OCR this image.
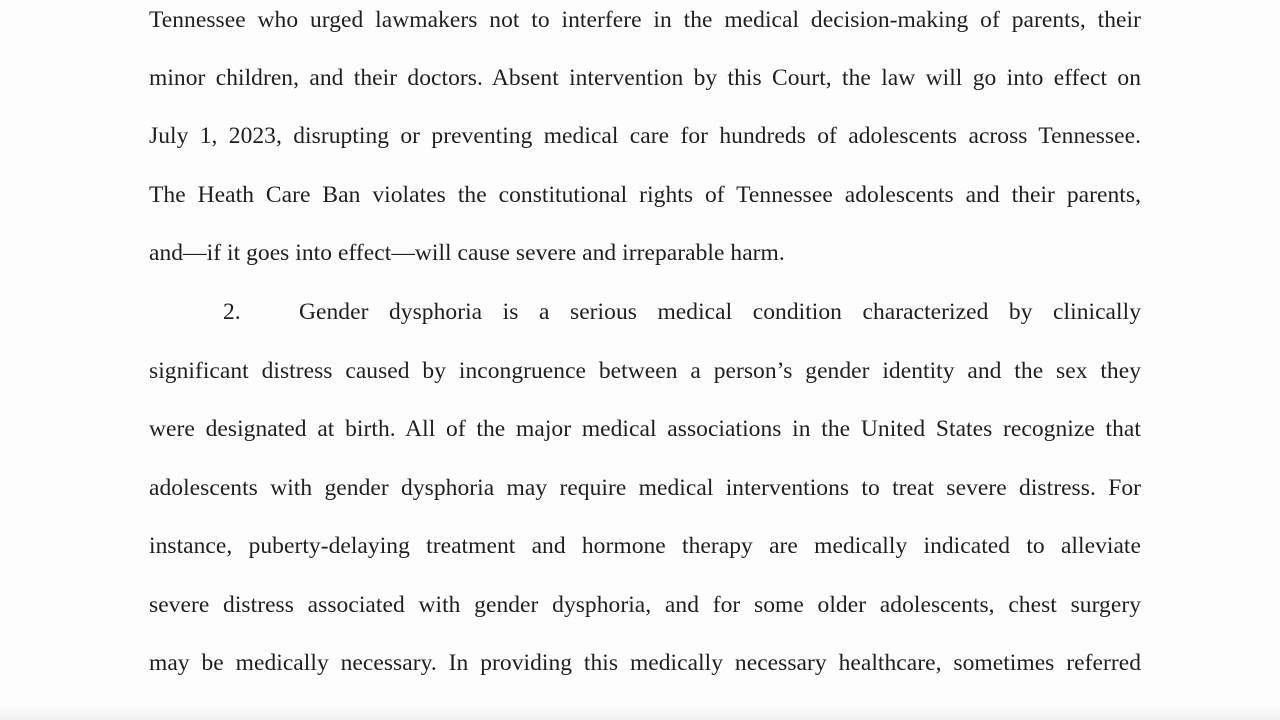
Tennessee who urged lawmakers not to interfere in the medical decision-making of parents, their
minor children, and their doctors. Absent intervention by this Court, the law will go into effect on
July 1, 2023, disrupting or preventing medical care for hundreds of adolescents across Tennessee.
The Heath Care Ban violates the constitutional rights of Tennessee adolescents and their parents,
and—if it goes into effect—will cause severe and irreparable harm.
2.	Gender dysphoria is a serious medical condition characterized by clinically
significant distress caused by incongruence between a person’s gender identity and the sex they
were designated at birth. All of the major medical associations in the United States recognize that
adolescents with gender dysphoria may require medical interventions to treat severe distress. For
instance, puberty-delaying treatment and hormone therapy are medically indicated to alleviate
severe distress associated with gender dysphoria, and for some older adolescents, chest surgery
may be medically necessary. In providing this medically necessary healthcare, sometimes referred
